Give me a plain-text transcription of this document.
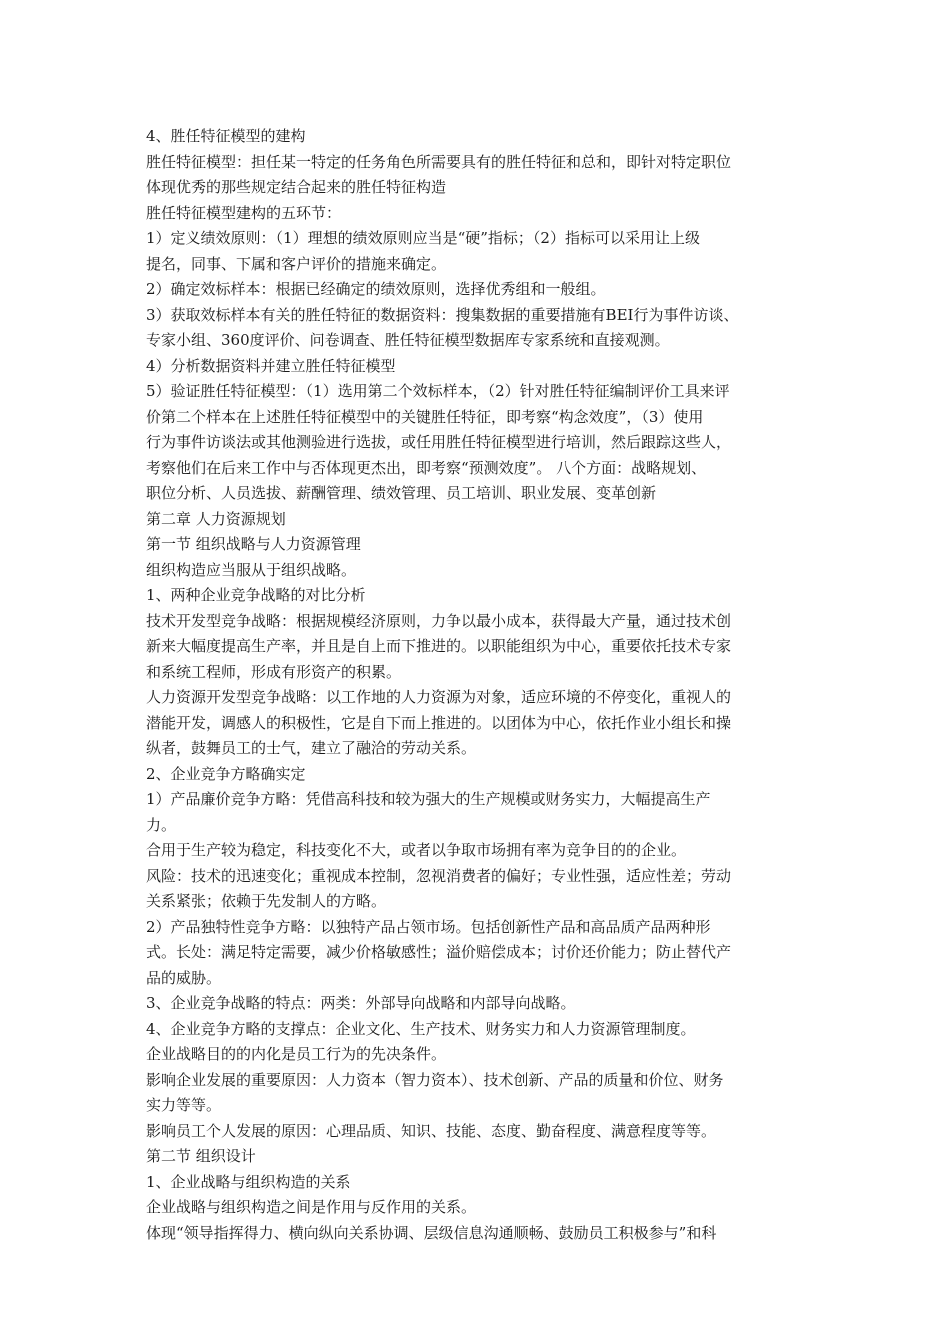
4、胜任特征模型的建构
胜任特征模型：担任某一特定的任务角色所需要具有的胜任特征和总和，即针对特定职位
体现优秀的那些规定结合起来的胜任特征构造
胜任特征模型建构的五环节：
1）定义绩效原则：（1）理想的绩效原则应当是“硬”指标；（2）指标可以采用让上级
提名，同事、下属和客户评价的措施来确定。
2）确定效标样本：根据已经确定的绩效原则，选择优秀组和一般组。
3）获取效标样本有关的胜任特征的数据资料：搜集数据的重要措施有BEI行为事件访谈、
专家小组、360度评价、问卷调查、胜任特征模型数据库专家系统和直接观测。
4）分析数据资料并建立胜任特征模型
5）验证胜任特征模型：（1）选用第二个效标样本，（2）针对胜任特征编制评价工具来评
价第二个样本在上述胜任特征模型中的关键胜任特征，即考察“构念效度”，（3）使用
行为事件访谈法或其他测验进行选拔，或任用胜任特征模型进行培训，然后跟踪这些人，
考察他们在后来工作中与否体现更杰出，即考察“预测效度”。 八个方面：战略规划、
职位分析、人员选拔、薪酬管理、绩效管理、员工培训、职业发展、变革创新
第二章 人力资源规划
第一节 组织战略与人力资源管理
组织构造应当服从于组织战略。
1、两种企业竞争战略的对比分析
技术开发型竞争战略：根据规模经济原则，力争以最小成本，获得最大产量，通过技术创
新来大幅度提高生产率，并且是自上而下推进的。以职能组织为中心，重要依托技术专家
和系统工程师，形成有形资产的积累。
人力资源开发型竞争战略：以工作地的人力资源为对象，适应环境的不停变化，重视人的
潜能开发，调感人的积极性，它是自下而上推进的。以团体为中心，依托作业小组长和操
纵者，鼓舞员工的士气，建立了融洽的劳动关系。
2、企业竞争方略确实定
1）产品廉价竞争方略：凭借高科技和较为强大的生产规模或财务实力，大幅提高生产
力。
合用于生产较为稳定，科技变化不大，或者以争取市场拥有率为竞争目的的企业。
风险：技术的迅速变化；重视成本控制，忽视消费者的偏好；专业性强，适应性差；劳动
关系紧张；依赖于先发制人的方略。
2）产品独特性竞争方略：以独特产品占领市场。包括创新性产品和高品质产品两种形
式。长处：满足特定需要，减少价格敏感性；溢价赔偿成本；讨价还价能力；防止替代产
品的威胁。
3、企业竞争战略的特点：两类：外部导向战略和内部导向战略。
4、企业竞争方略的支撑点：企业文化、生产技术、财务实力和人力资源管理制度。
企业战略目的的内化是员工行为的先决条件。
影响企业发展的重要原因：人力资本（智力资本）、技术创新、产品的质量和价位、财务
实力等等。
影响员工个人发展的原因：心理品质、知识、技能、态度、勤奋程度、满意程度等等。
第二节 组织设计
1、企业战略与组织构造的关系
企业战略与组织构造之间是作用与反作用的关系。
体现“领导指挥得力、横向纵向关系协调、层级信息沟通顺畅、鼓励员工积极参与”和科
